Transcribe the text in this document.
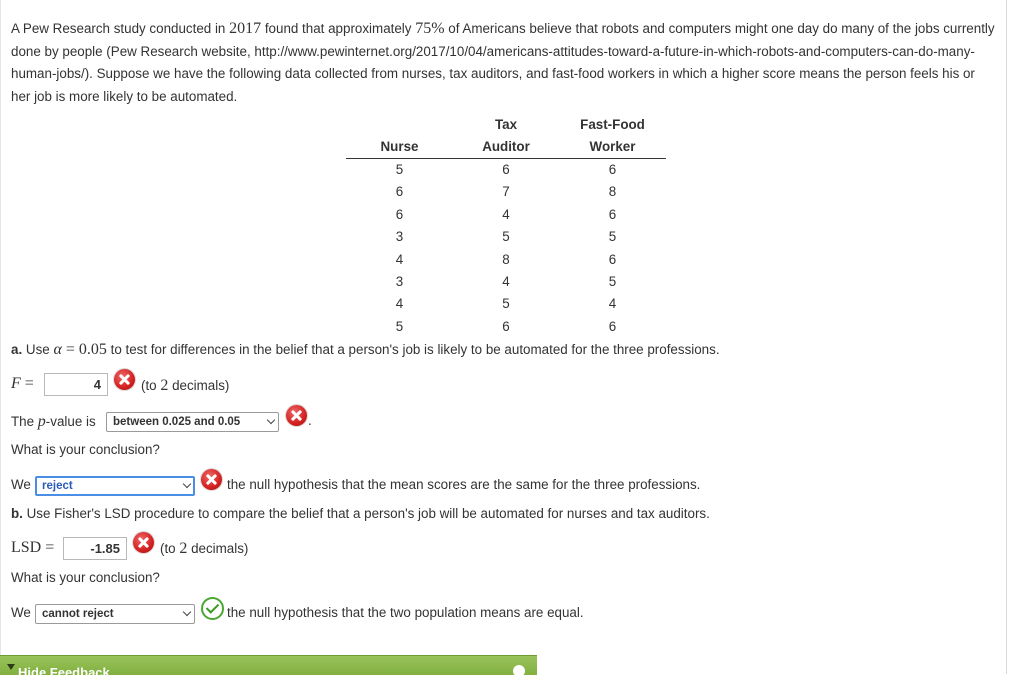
A Pew Research study conducted in 2017 found that approximately 75% of Americans believe that robots and computers might one day do many of the jobs currently done by people (Pew Research website, http://www.pewinternet.org/2017/10/04/americans-attitudes-toward-a-future-in-which-robots-and-computers-can-do-many-human-jobs/). Suppose we have the following data collected from nurses, tax auditors, and fast-food workers in which a higher score means the person feels his or her job is more likely to be automated.
	Tax	Fast-Food
Nurse	Auditor	Worker
5	6	6
6	7	8
6	4	6
3	5	5
4	8	6
3	4	5
4	5	4
5	6	6
a. Use α = 0.05 to test for differences in the belief that a person's job is likely to be automated for the three professions.
F =	4	(to 2 decimals)
The p-value is	between 0.025 and 0.05	.
What is your conclusion?
We reject	the null hypothesis that the mean scores are the same for the three professions.
b. Use Fisher's LSD procedure to compare the belief that a person's job will be automated for nurses and tax auditors.
LSD =	-1.85	(to 2 decimals)
What is your conclusion?
We cannot reject	the null hypothesis that the two population means are equal.
Hide Feedback
